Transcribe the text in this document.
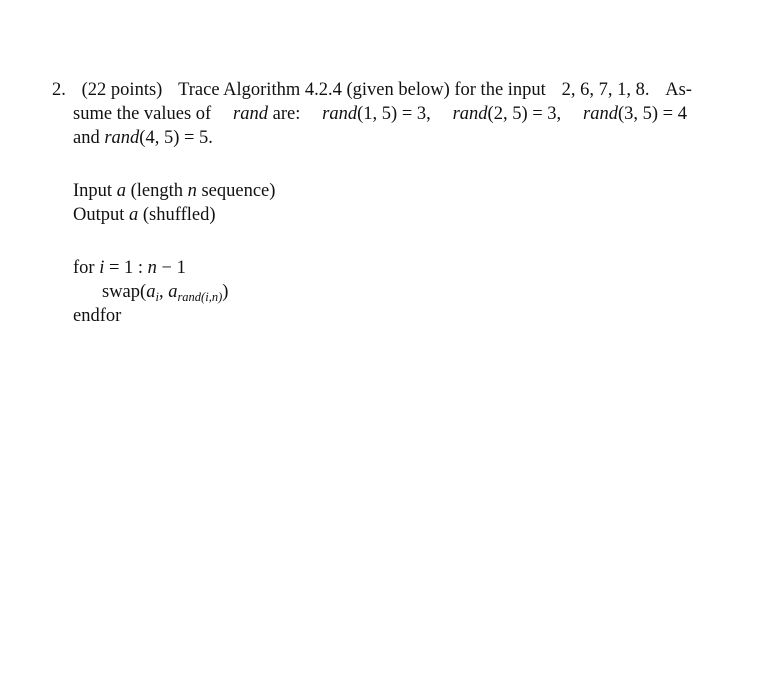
2. (22 points) Trace Algorithm 4.2.4 (given below) for the input 2, 6, 7, 1, 8. As-
sume the values of rand are: rand(1, 5) = 3, rand(2, 5) = 3, rand(3, 5) = 4
and rand(4, 5) = 5.
Input a (length n sequence)
Output a (shuffled)
for i = 1 : n − 1
$swap(a_i$, $a_{rand(i,n)}$)
endfor
